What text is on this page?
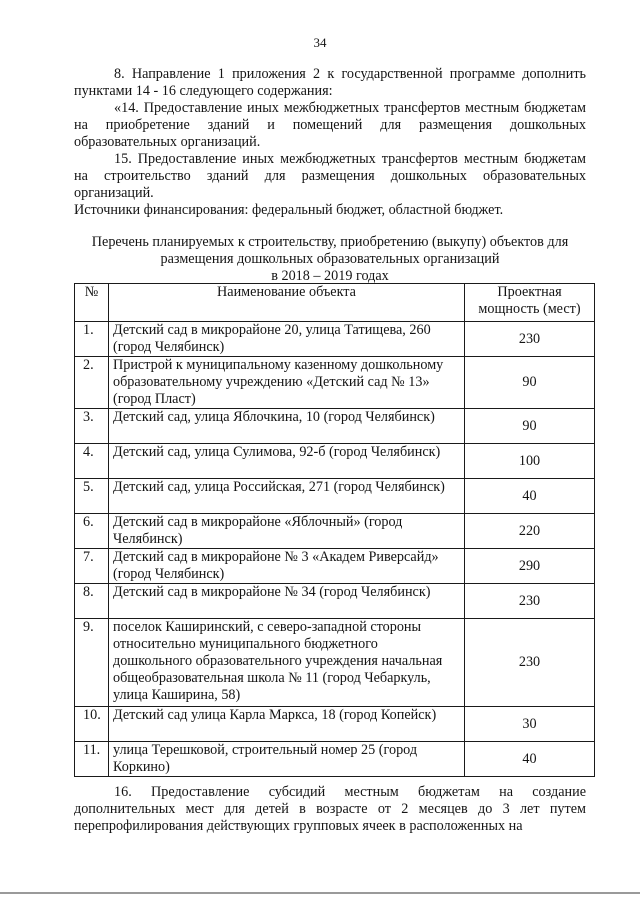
34

8. Направление 1 приложения 2 к государственной программе дополнить пунктами 14 - 16 следующего содержания:

«14. Предоставление иных межбюджетных трансфертов местным бюджетам на приобретение зданий и помещений для размещения дошкольных образовательных организаций.

15. Предоставление иных межбюджетных трансфертов местным бюджетам на строительство зданий для размещения дошкольных образовательных организаций.

Источники финансирования: федеральный бюджет, областной бюджет.

Перечень планируемых к строительству, приобретению (выкупу) объектов для размещения дошкольных образовательных организаций
в 2018 – 2019 годах

№	Наименование объекта	Проектная мощность (мест)
1.	Детский сад в микрорайоне 20, улица Татищева, 260 (город Челябинск)	230
2.	Пристрой к муниципальному казенному дошкольному образовательному учреждению «Детский сад № 13» (город Пласт)	90
3.	Детский сад, улица Яблочкина, 10 (город Челябинск)	90
4.	Детский сад, улица Сулимова, 92-б (город Челябинск)	100
5.	Детский сад, улица Российская, 271 (город Челябинск)	40
6.	Детский сад в микрорайоне «Яблочный» (город Челябинск)	220
7.	Детский сад в микрорайоне № 3 «Академ Риверсайд» (город Челябинск)	290
8.	Детский сад в микрорайоне № 34 (город Челябинск)	230
9.	поселок Каширинский, с северо-западной стороны относительно муниципального бюджетного дошкольного образовательного учреждения начальная общеобразовательная школа № 11 (город Чебаркуль, улица Каширина, 58)	230
10.	Детский сад улица Карла Маркса, 18 (город Копейск)	30
11.	улица Терешковой, строительный номер 25 (город Коркино)	40

16. Предоставление субсидий местным бюджетам на создание дополнительных мест для детей в возрасте от 2 месяцев до 3 лет путем перепрофилирования действующих групповых ячеек в расположенных на
